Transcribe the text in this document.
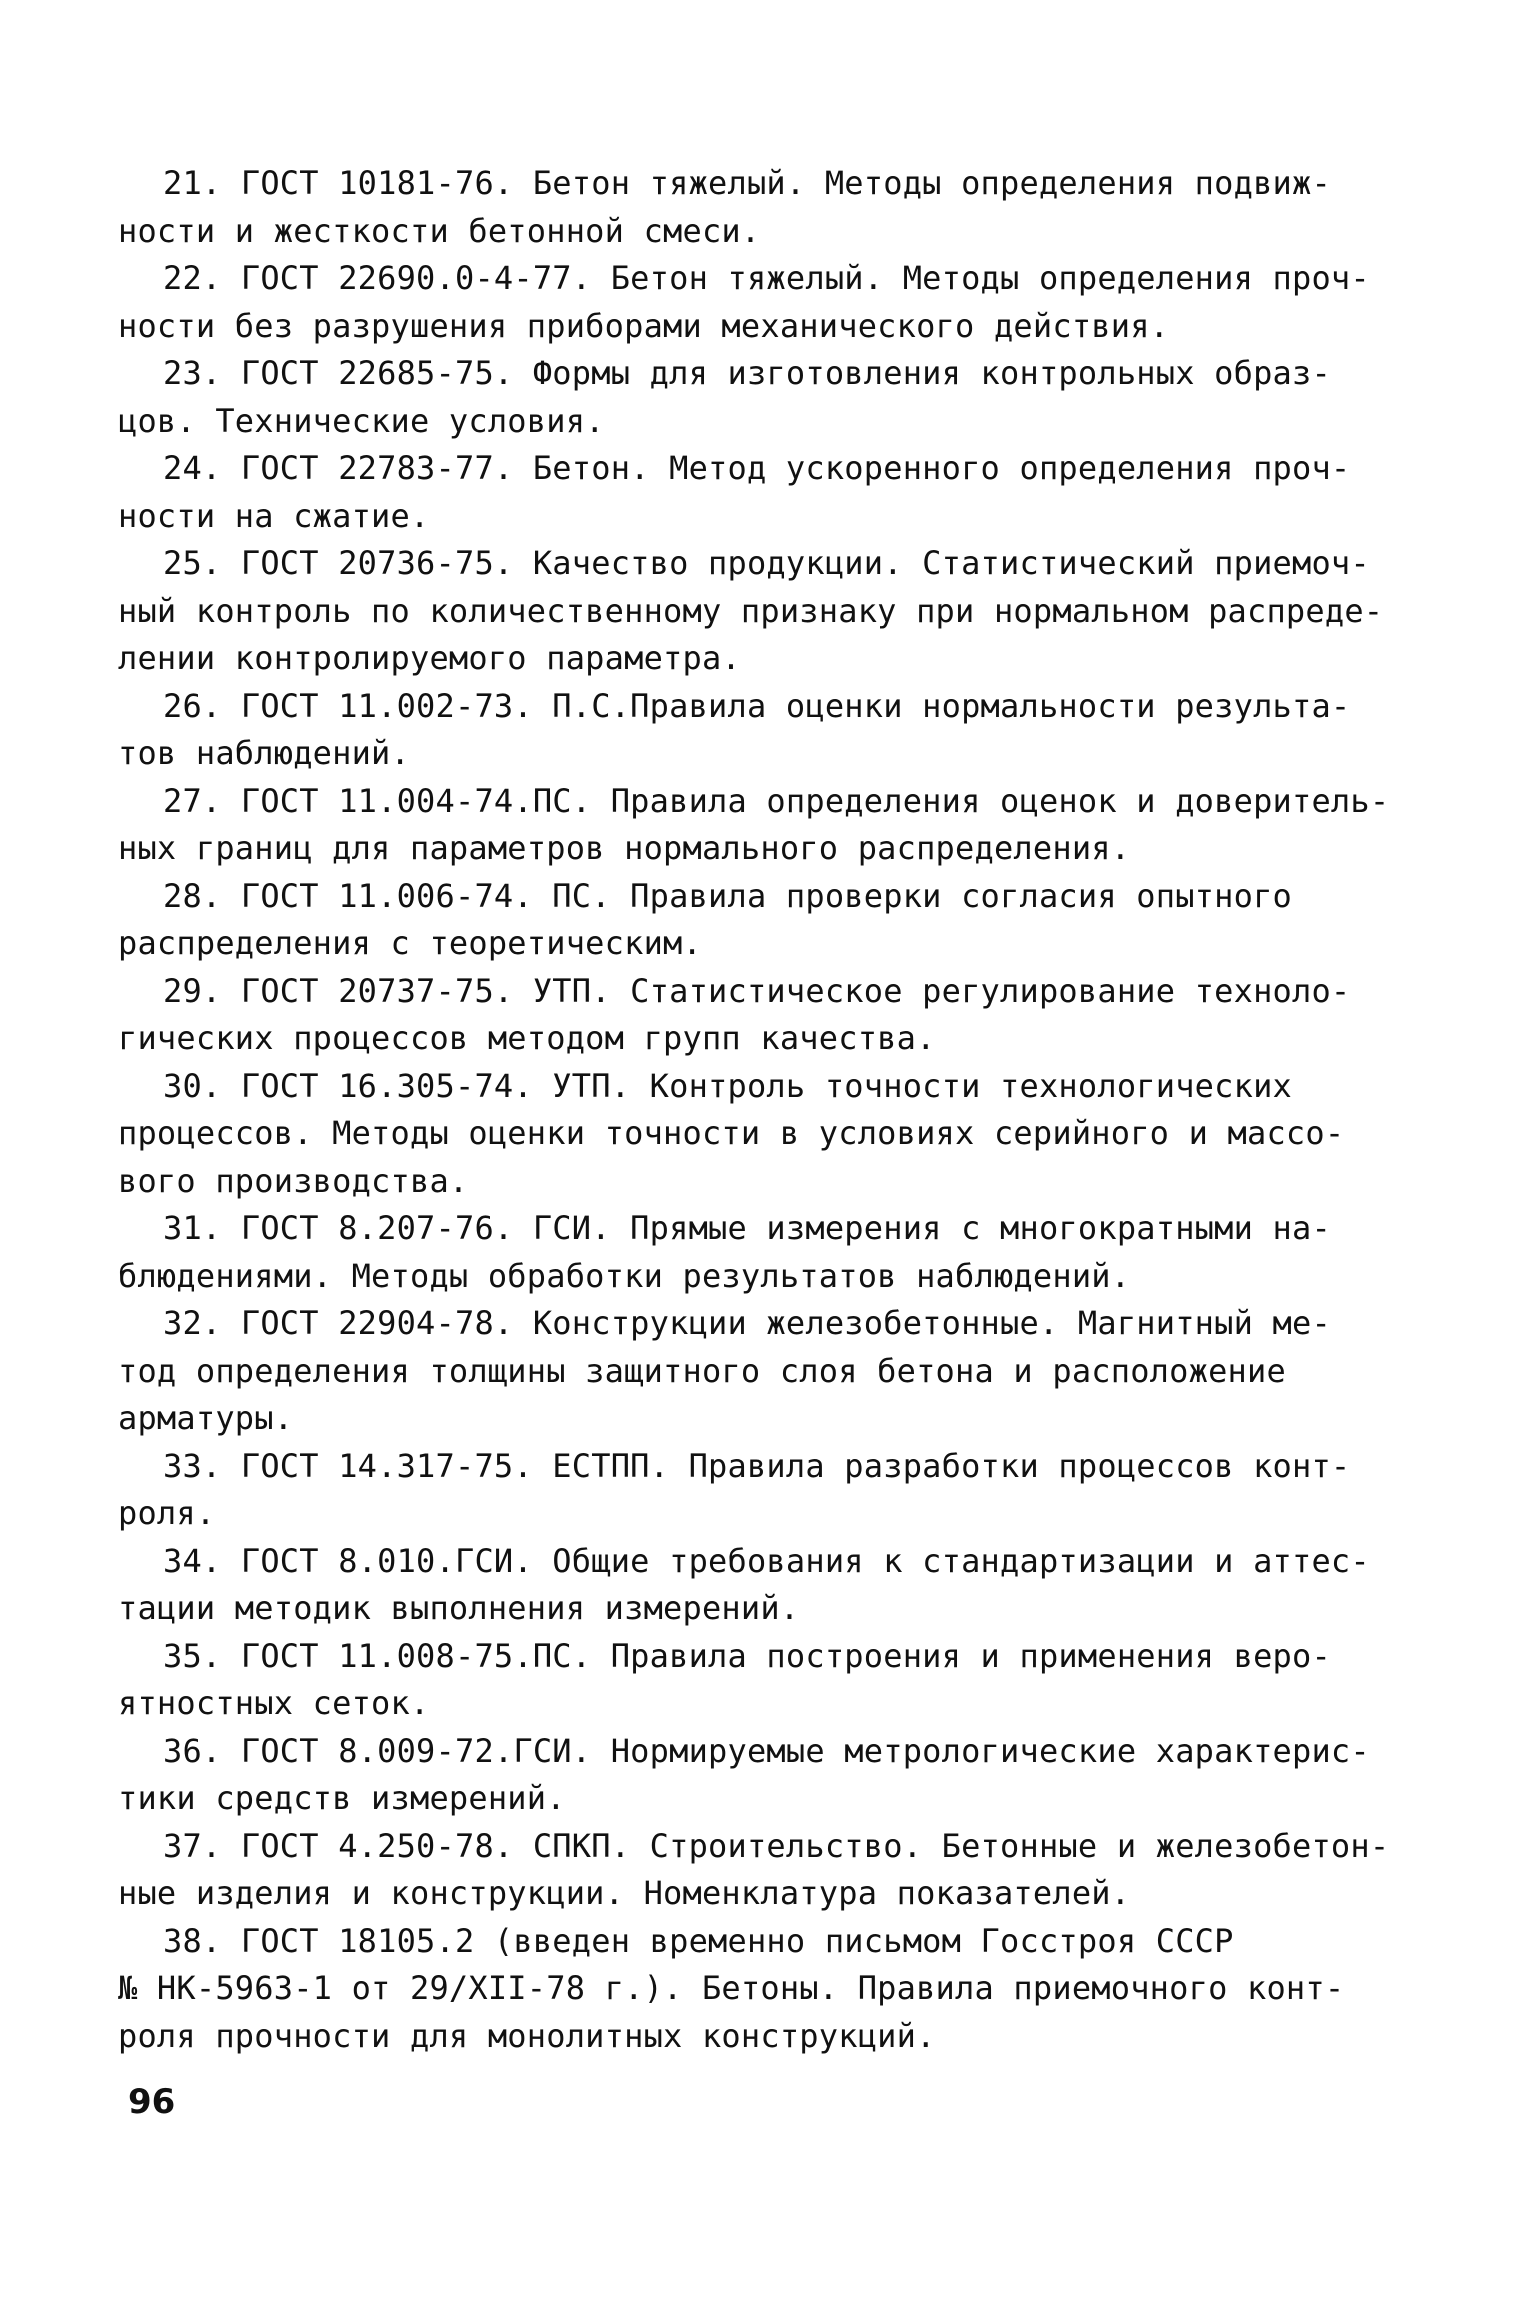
21. ГОСТ 10181-76. Бетон тяжелый. Методы определения подвиж-

ности и жесткости бетонной смеси.

22. ГОСТ 22690.0-4-77. Бетон тяжелый. Методы определения проч-

ности без разрушения приборами механического действия.

23. ГОСТ 22685-75. Формы для изготовления контрольных образ-

цов. Технические условия.

24. ГОСТ 22783-77. Бетон. Метод ускоренного определения проч-

ности на сжатие.

25. ГОСТ 20736-75. Качество продукции. Статистический приемоч-

ный контроль по количественному признаку при нормальном распреде-

лении контролируемого параметра.

26. ГОСТ 11.002-73. П.С.Правила оценки нормальности результа-

тов наблюдений.

27. ГОСТ 11.004-74.ПС. Правила определения оценок и доверитель-

ных границ для параметров нормального распределения.

28. ГОСТ 11.006-74. ПС. Правила проверки согласия опытного

распределения с теоретическим.

29. ГОСТ 20737-75. УТП. Статистическое регулирование техноло-

гических процессов методом групп качества.

30. ГОСТ 16.305-74. УТП. Контроль точности технологических

процессов. Методы оценки точности в условиях серийного и массо-

вого производства.

31. ГОСТ 8.207-76. ГСИ. Прямые измерения с многократными на-

блюдениями. Методы обработки результатов наблюдений.

32. ГОСТ 22904-78. Конструкции железобетонные. Магнитный ме-

тод определения толщины защитного слоя бетона и расположение

арматуры.

33. ГОСТ 14.317-75. ЕСТПП. Правила разработки процессов конт-

роля.

34. ГОСТ 8.010.ГСИ. Общие требования к стандартизации и аттес-

тации методик выполнения измерений.

35. ГОСТ 11.008-75.ПС. Правила построения и применения веро-

ятностных сеток.

36. ГОСТ 8.009-72.ГСИ. Нормируемые метрологические характерис-

тики средств измерений.

37. ГОСТ 4.250-78. СПКП. Строительство. Бетонные и железобетон-

ные изделия и конструкции. Номенклатура показателей.

38. ГОСТ 18105.2 (введен временно письмом Госстроя СССР

№ НК-5963-1 от 29/XII-78 г.). Бетоны. Правила приемочного конт-

роля прочности для монолитных конструкций.

96
